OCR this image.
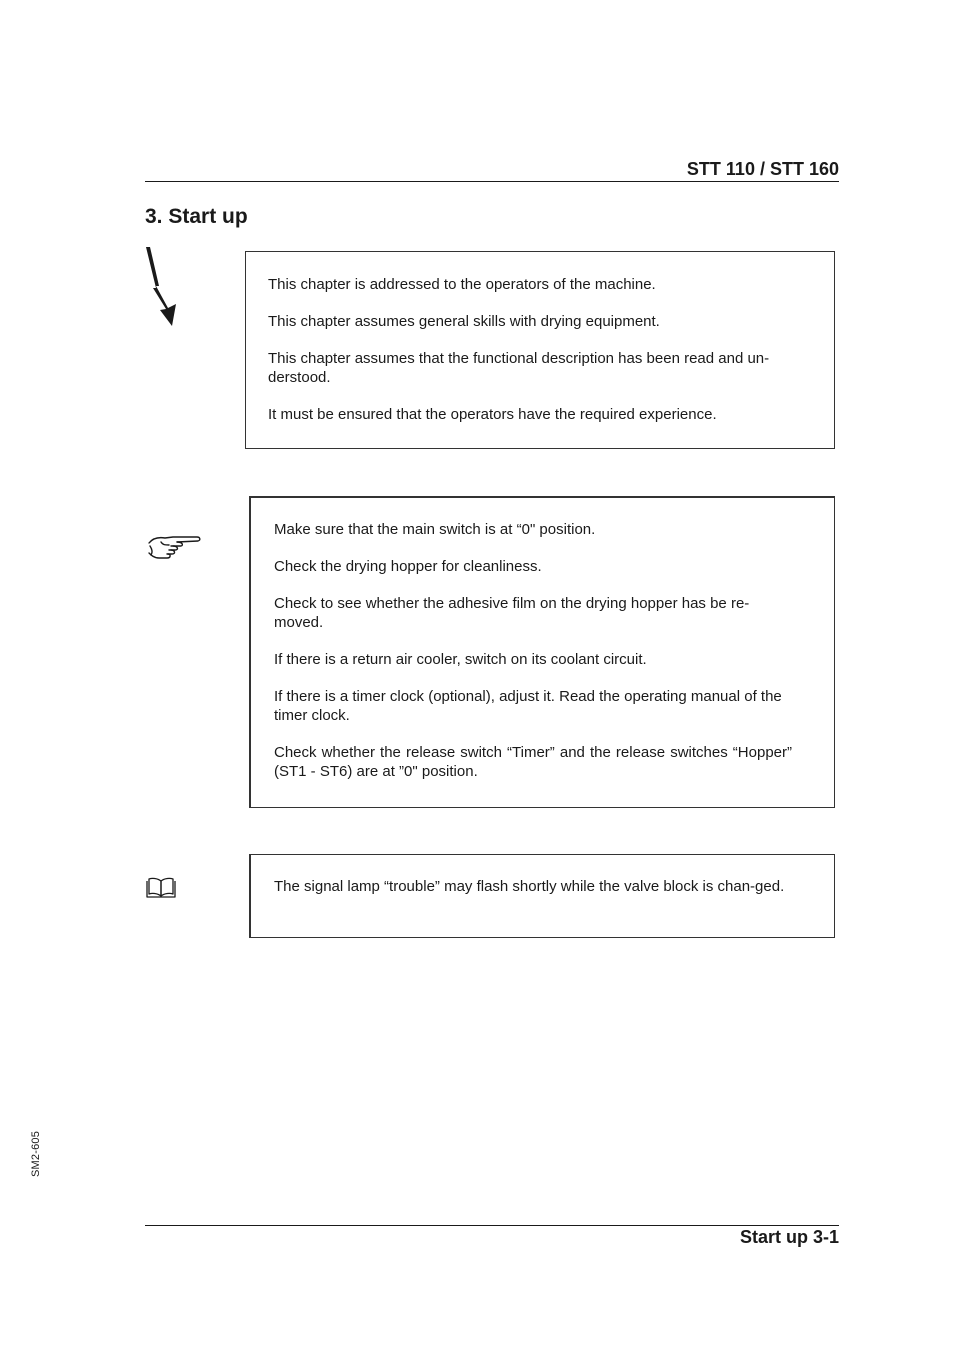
STT 110 / STT 160
3. Start up

This chapter is addressed to the operators of the machine.

This chapter assumes general skills with drying equipment.

This chapter assumes that the functional description has been read and un-derstood.

It must be ensured that the operators have the required experience.

Make sure that the main switch is at “0" position.

Check the drying hopper for cleanliness.

Check to see whether the adhesive film on the drying hopper has be re-moved.

If there is a return air cooler, switch on its coolant circuit.

If there is a timer clock (optional), adjust it. Read the operating manual of the timer clock.

Check whether the release switch “Timer” and the release switches “Hopper” (ST1 - ST6) are at ”0" position.

The signal lamp “trouble” may flash shortly while the valve block is chan-ged.

SM2-605
Start up 3-1
